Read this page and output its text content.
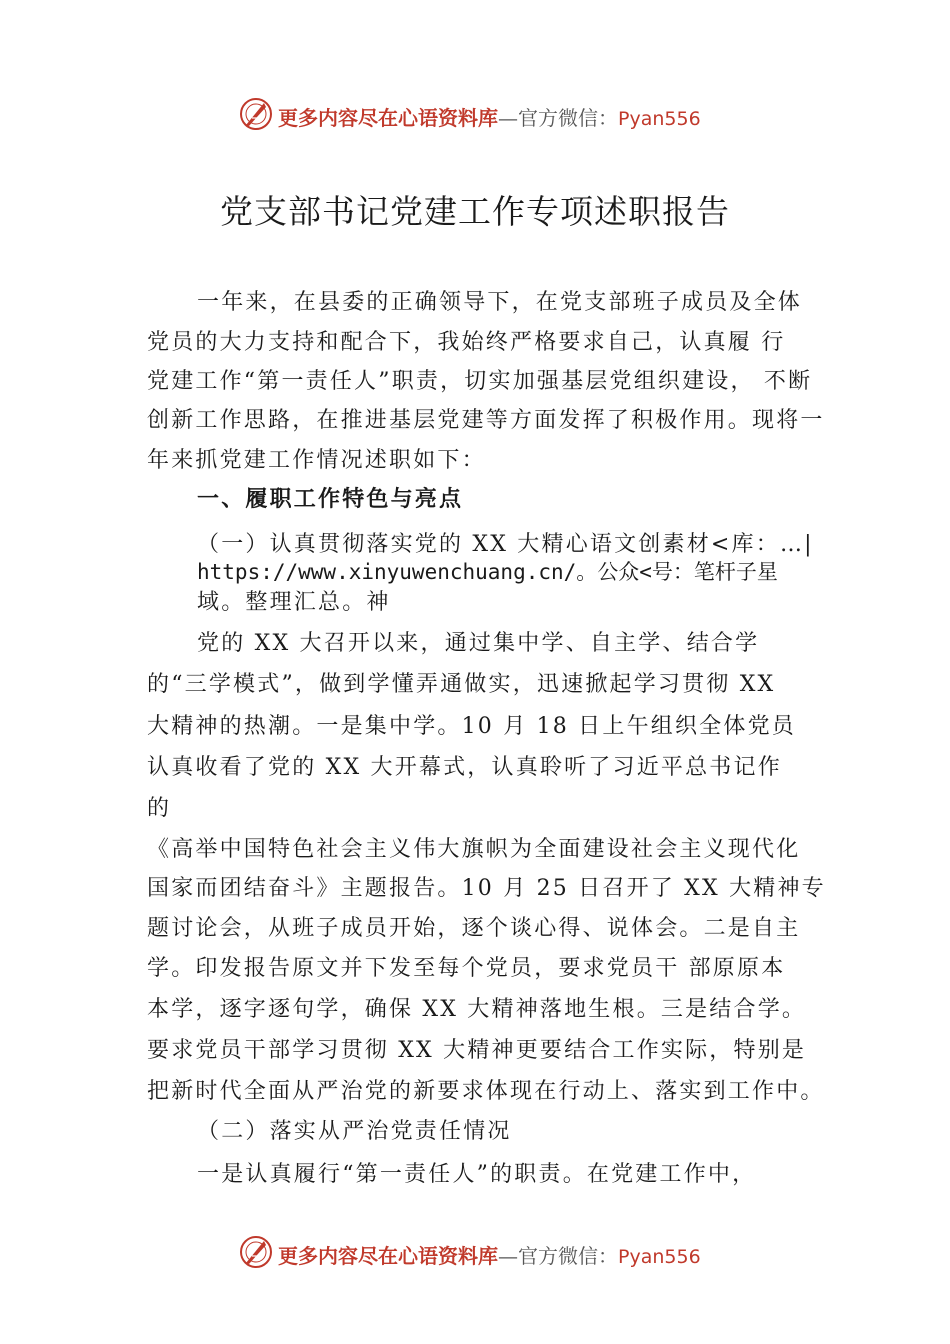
更多内容尽在心语资料库—官方微信：Pyan556
党支部书记党建工作专项述职报告
一年来，在县委的正确领导下，在党支部班子成员及全体
党员的大力支持和配合下，我始终严格要求自己，认真履 行
党建工作“第一责任人”职责，切实加强基层党组织建设， 不断
创新工作思路，在推进基层党建等方面发挥了积极作用。现将一
年来抓党建工作情况述职如下：
一、履职工作特色与亮点
（一）认真贯彻落实党的 XX 大精心语文创素材<库：…|
https://www.xinyuwenchuang.cn/。公众<号：笔杆子星
域。整理汇总。神
党的 XX 大召开以来，通过集中学、自主学、结合学
的“三学模式”，做到学懂弄通做实，迅速掀起学习贯彻 XX
大精神的热潮。一是集中学。10 月 18 日上午组织全体党员
认真收看了党的 XX 大开幕式，认真聆听了习近平总书记作
的
《高举中国特色社会主义伟大旗帜为全面建设社会主义现代化
国家而团结奋斗》主题报告。10 月 25 日召开了 XX 大精神专
题讨论会，从班子成员开始，逐个谈心得、说体会。二是自主
学。印发报告原文并下发至每个党员，要求党员干 部原原本
本学，逐字逐句学，确保 XX 大精神落地生根。三是结合学。
要求党员干部学习贯彻 XX 大精神更要结合工作实际，特别是
把新时代全面从严治党的新要求体现在行动上、落实到工作中。
（二）落实从严治党责任情况
一是认真履行“第一责任人”的职责。在党建工作中，
更多内容尽在心语资料库—官方微信：Pyan556
